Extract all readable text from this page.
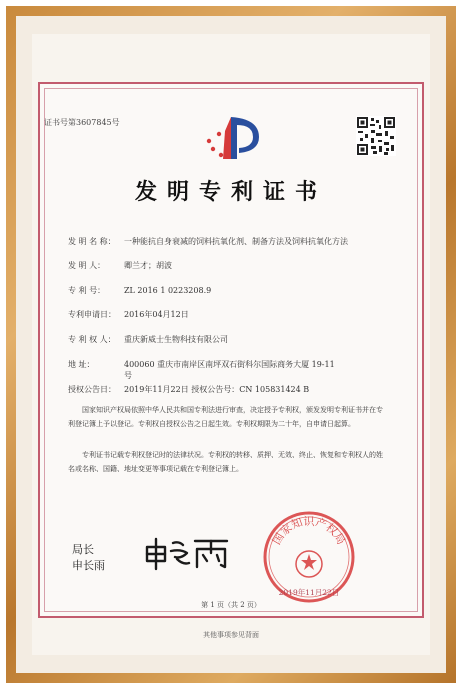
证书号第3607845号
发明专利证书
发 明 名 称： 一种能抗自身衰减的饲料抗氧化剂、制备方法及饲料抗氧化方法
发 明 人： 卿兰才；胡波
专 利 号： ZL 2016 1 0223208.9
专利申请日： 2016年04月12日
专 利 权 人： 重庆新威士生物科技有限公司
地 址：	400060 重庆市南岸区南坪双石街科尔国际商务大厦 19-11
号
授权公告日： 2019年11月22日 授权公告号：CN 105831424 B
国家知识产权局依照中华人民共和国专利法进行审查，决定授予专利权，颁发发明专利证书并在专利登记簿上予以登记。专利权自授权公告之日起生效。专利权期限为二十年，自申请日起算。
专利证书记载专利权登记时的法律状况。专利权的转移、质押、无效、终止、恢复和专利权人的姓名或名称、国籍、地址变更等事项记载在专利登记簿上。
局长
申长雨
国家知识产权局
2019年11月22日
第 1 页（共 2 页）
其他事项参见背面
